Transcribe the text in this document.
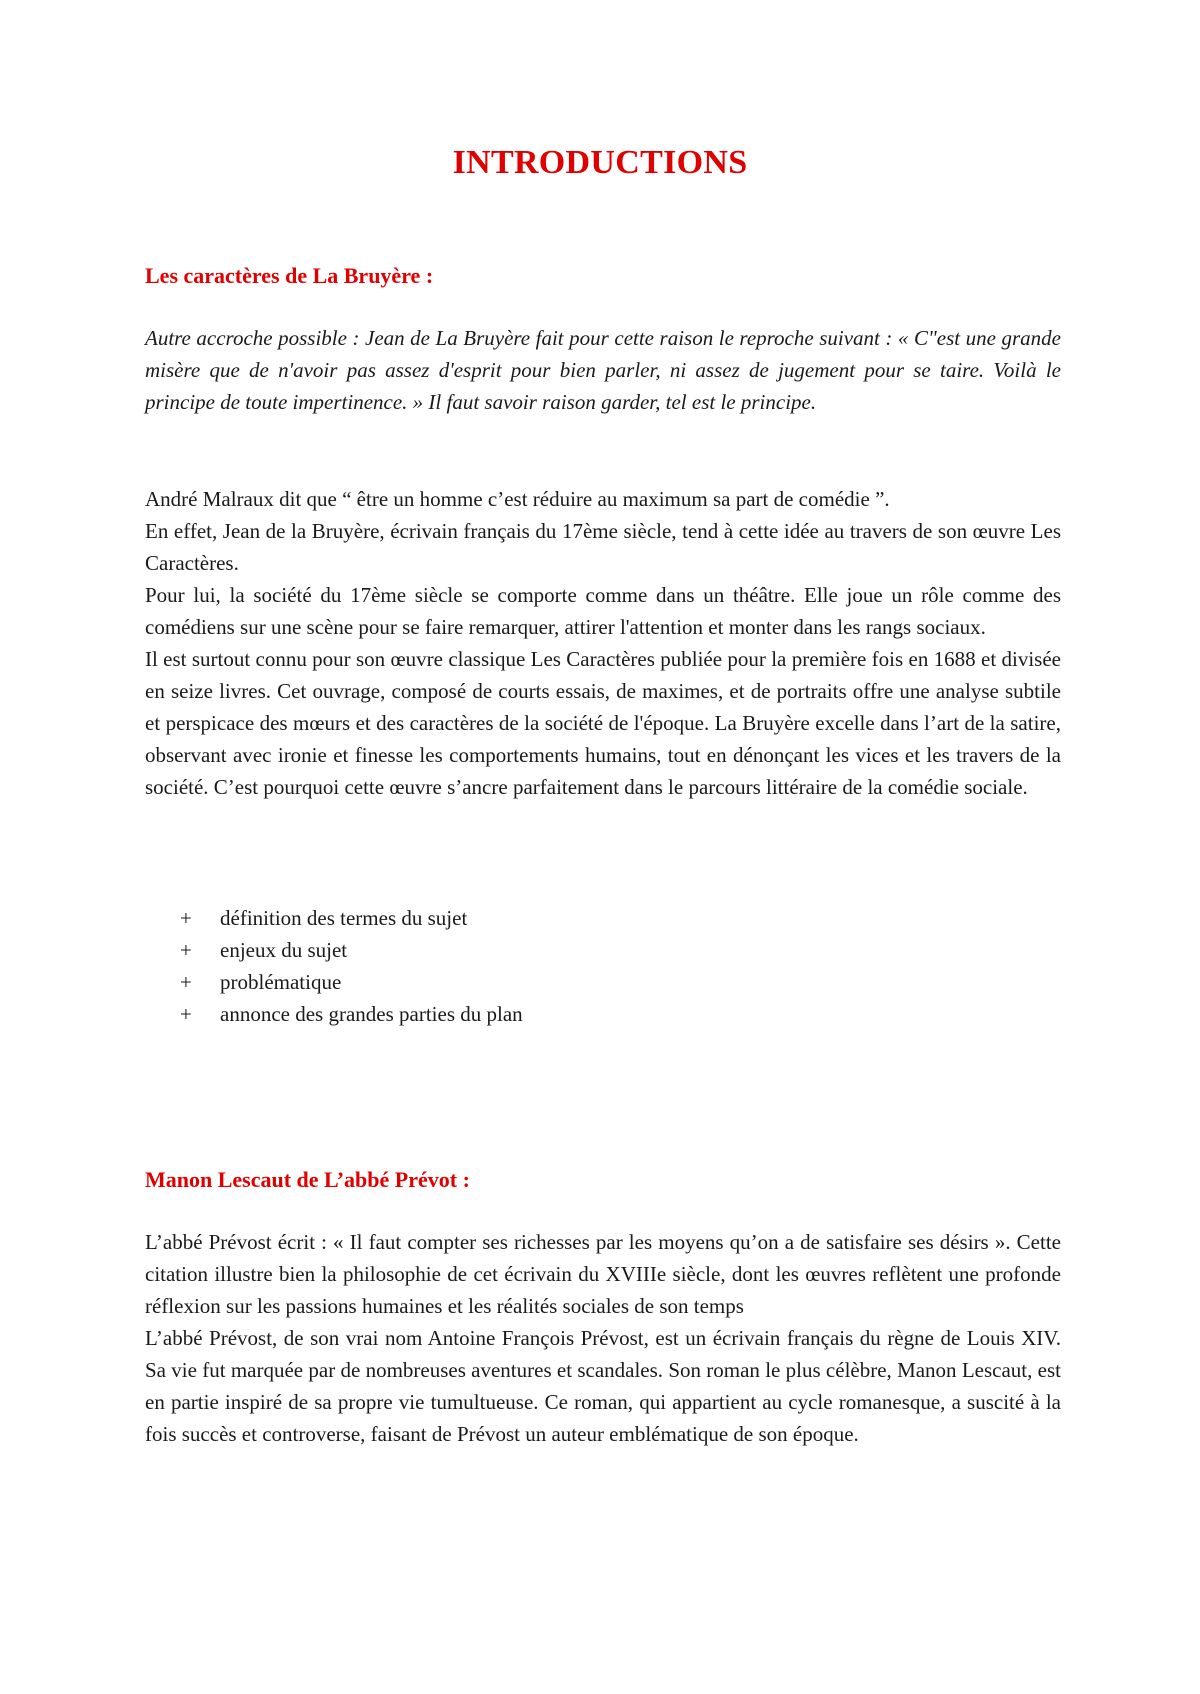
INTRODUCTIONS
Les caractères de La Bruyère :

Autre accroche possible : Jean de La Bruyère fait pour cette raison le reproche suivant : « C"est une grande misère que de n'avoir pas assez d'esprit pour bien parler, ni assez de jugement pour se taire. Voilà le principe de toute impertinence. » Il faut savoir raison garder, tel est le principe.

André Malraux dit que “ être un homme c’est réduire au maximum sa part de comédie ”.

En effet, Jean de la Bruyère, écrivain français du 17ème siècle, tend à cette idée au travers de son œuvre Les Caractères.

Pour lui, la société du 17ème siècle se comporte comme dans un théâtre. Elle joue un rôle comme des comédiens sur une scène pour se faire remarquer, attirer l'attention et monter dans les rangs sociaux.

Il est surtout connu pour son œuvre classique Les Caractères publiée pour la première fois en 1688 et divisée en seize livres. Cet ouvrage, composé de courts essais, de maximes, et de portraits offre une analyse subtile et perspicace des mœurs et des caractères de la société de l'époque. La Bruyère excelle dans l’art de la satire, observant avec ironie et finesse les comportements humains, tout en dénonçant les vices et les travers de la société. C’est pourquoi cette œuvre s’ancre parfaitement dans le parcours littéraire de la comédie sociale.

+	définition des termes du sujet
+	enjeux du sujet
+	problématique
+	annonce des grandes parties du plan
Manon Lescaut de L’abbé Prévot :

L’abbé Prévost écrit : « Il faut compter ses richesses par les moyens qu’on a de satisfaire ses désirs ». Cette citation illustre bien la philosophie de cet écrivain du XVIIIe siècle, dont les œuvres reflètent une profonde réflexion sur les passions humaines et les réalités sociales de son temps

L’abbé Prévost, de son vrai nom Antoine François Prévost, est un écrivain français du règne de Louis XIV. Sa vie fut marquée par de nombreuses aventures et scandales. Son roman le plus célèbre, Manon Lescaut, est en partie inspiré de sa propre vie tumultueuse. Ce roman, qui appartient au cycle romanesque, a suscité à la fois succès et controverse, faisant de Prévost un auteur emblématique de son époque.
